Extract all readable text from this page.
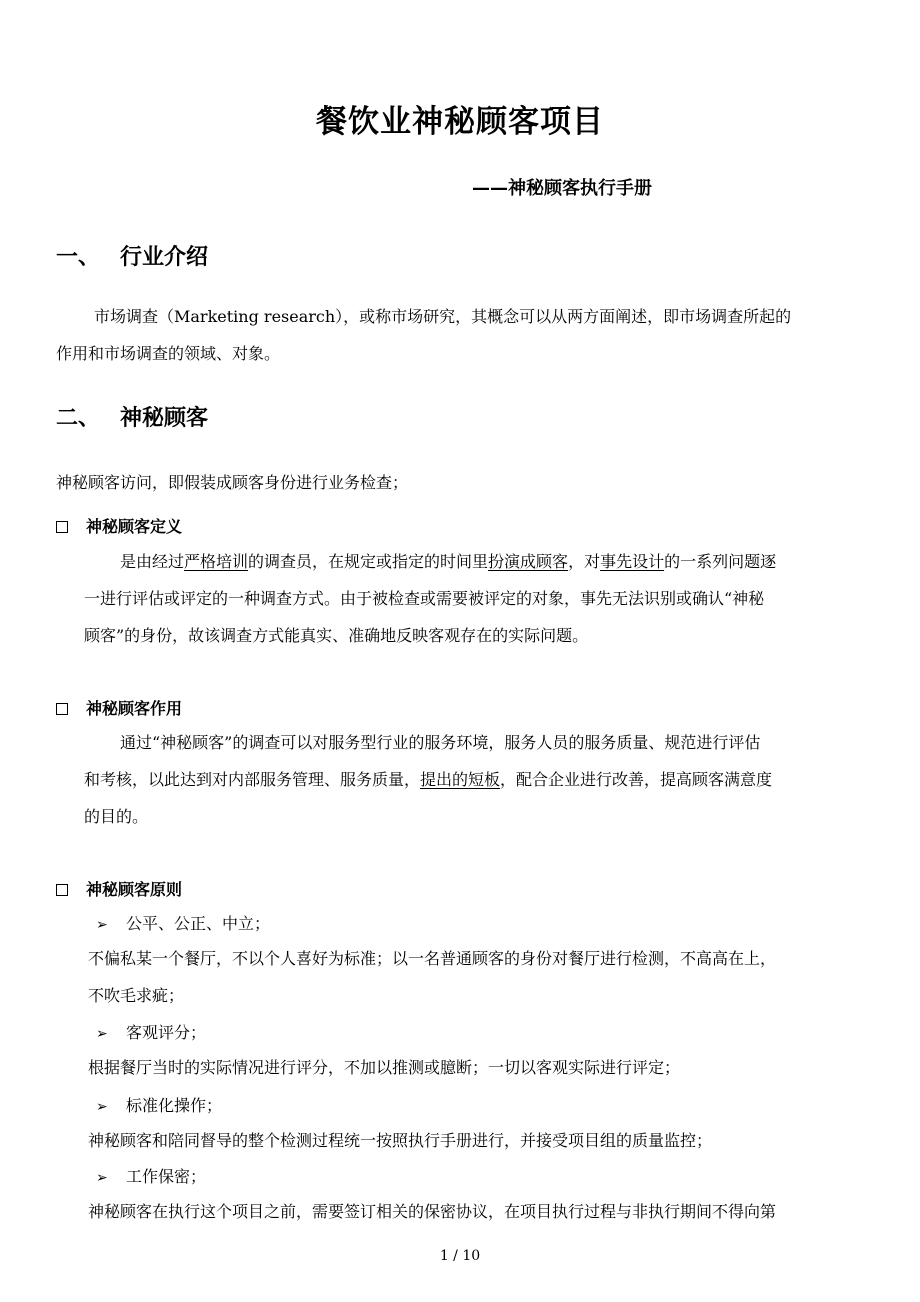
餐饮业神秘顾客项目
——神秘顾客执行手册
一、 行业介绍
市场调查（Marketing research），或称市场研究，其概念可以从两方面阐述，即市场调查所起的
作用和市场调查的领域、对象。
二、 神秘顾客
神秘顾客访问，即假装成顾客身份进行业务检查；
神秘顾客定义
是由经过严格培训的调查员，在规定或指定的时间里扮演成顾客，对事先设计的一系列问题逐
一进行评估或评定的一种调查方式。由于被检查或需要被评定的对象，事先无法识别或确认“神秘
顾客”的身份，故该调查方式能真实、准确地反映客观存在的实际问题。
神秘顾客作用
通过“神秘顾客”的调查可以对服务型行业的服务环境，服务人员的服务质量、规范进行评估
和考核，以此达到对内部服务管理、服务质量，提出的短板，配合企业进行改善，提高顾客满意度
的目的。
神秘顾客原则
➢ 公平、公正、中立；
不偏私某一个餐厅，不以个人喜好为标准；以一名普通顾客的身份对餐厅进行检测，不高高在上，
不吹毛求疵；
➢ 客观评分；
根据餐厅当时的实际情况进行评分，不加以推测或臆断；一切以客观实际进行评定；
➢ 标准化操作；
神秘顾客和陪同督导的整个检测过程统一按照执行手册进行，并接受项目组的质量监控；
➢ 工作保密；
神秘顾客在执行这个项目之前，需要签订相关的保密协议，在项目执行过程与非执行期间不得向第
1 / 10
